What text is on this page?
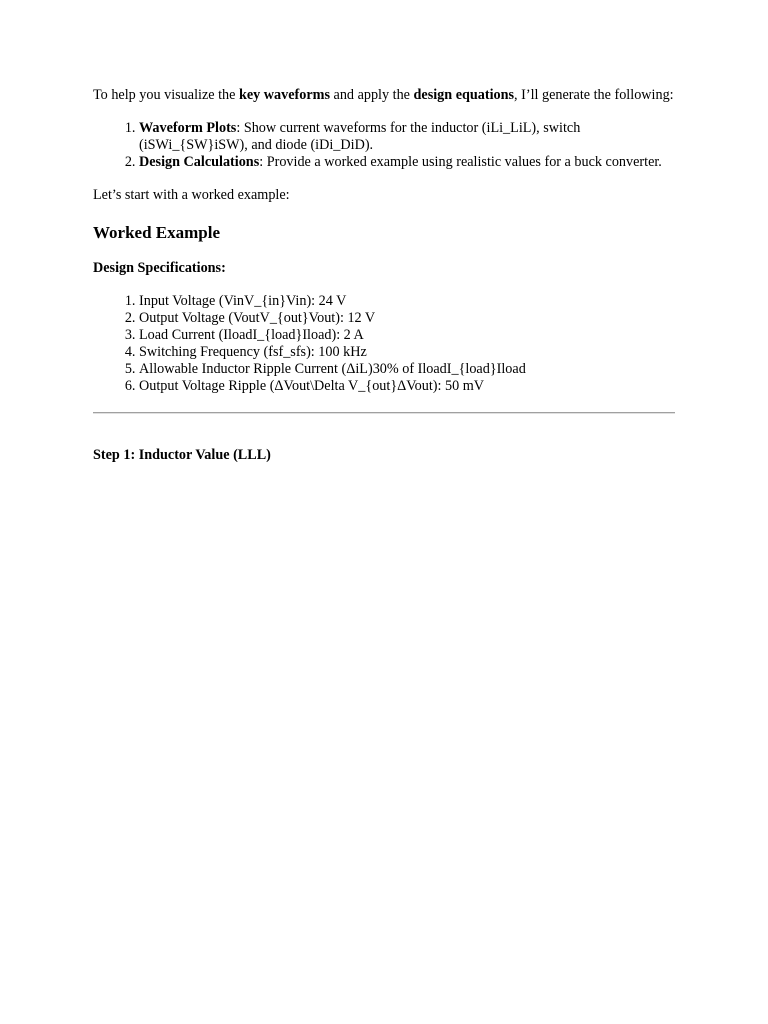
To help you visualize the key waveforms and apply the design equations, I’ll generate the following:

1. Waveform Plots: Show current waveforms for the inductor (iLi_LiL), switch (iSWi_{SW}iSW), and diode (iDi_DiD).
2. Design Calculations: Provide a worked example using realistic values for a buck converter.

Let’s start with a worked example:

Worked Example
Design Specifications:
1. Input Voltage (VinV_{in}Vin): 24 V
2. Output Voltage (VoutV_{out}Vout): 12 V
3. Load Current (IloadI_{load}Iload): 2 A
4. Switching Frequency (fsf_sfs): 100 kHz
5. Allowable Inductor Ripple Current (ΔiL)30% of IloadI_{load}Iload
6. Output Voltage Ripple (ΔVout\Delta V_{out}ΔVout): 50 mV
Step 1: Inductor Value (LLL)
